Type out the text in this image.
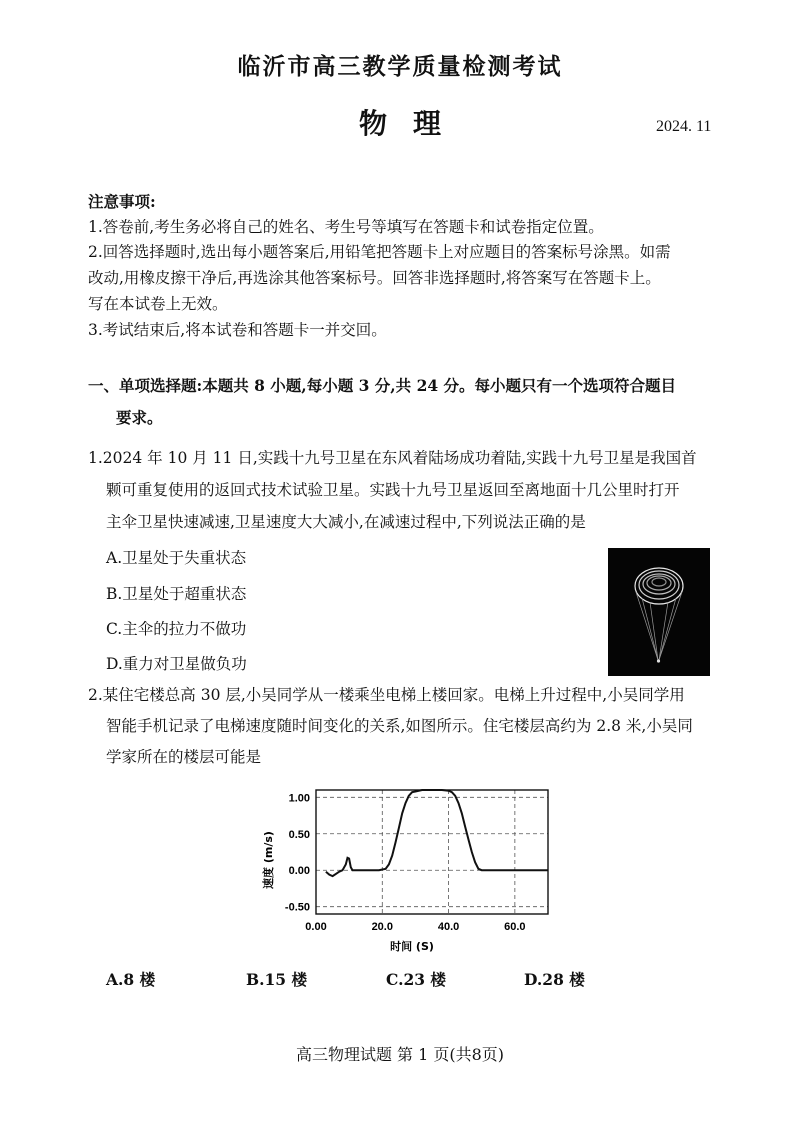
临沂市高三教学质量检测考试
物理	2024. 11
注意事项:
1.答卷前,考生务必将自己的姓名、考生号等填写在答题卡和试卷指定位置。
2.回答选择题时,选出每小题答案后,用铅笔把答题卡上对应题目的答案标号涂黑。如需
改动,用橡皮擦干净后,再选涂其他答案标号。回答非选择题时,将答案写在答题卡上。
写在本试卷上无效。
3.考试结束后,将本试卷和答题卡一并交回。
一、单项选择题:本题共 8 小题,每小题 3 分,共 24 分。每小题只有一个选项符合题目
要求。
1.2024 年 10 月 11 日,实践十九号卫星在东风着陆场成功着陆,实践十九号卫星是我国首
颗可重复使用的返回式技术试验卫星。实践十九号卫星返回至离地面十几公里时打开
主伞卫星快速减速,卫星速度大大减小,在减速过程中,下列说法正确的是
A.卫星处于失重状态
B.卫星处于超重状态
C.主伞的拉力不做功
D.重力对卫星做负功
2.某住宅楼总高 30 层,小吴同学从一楼乘坐电梯上楼回家。电梯上升过程中,小吴同学用
智能手机记录了电梯速度随时间变化的关系,如图所示。住宅楼层高约为 2.8 米,小吴同
学家所在的楼层可能是
1.00
0.50
0.00
-0.50
0.00	20.0	40.0	60.0
速度 (m/s)
时间 (S)
A.8 楼	B.15 楼	C.23 楼	D.28 楼
高三物理试题 第 1 页(共8页)
